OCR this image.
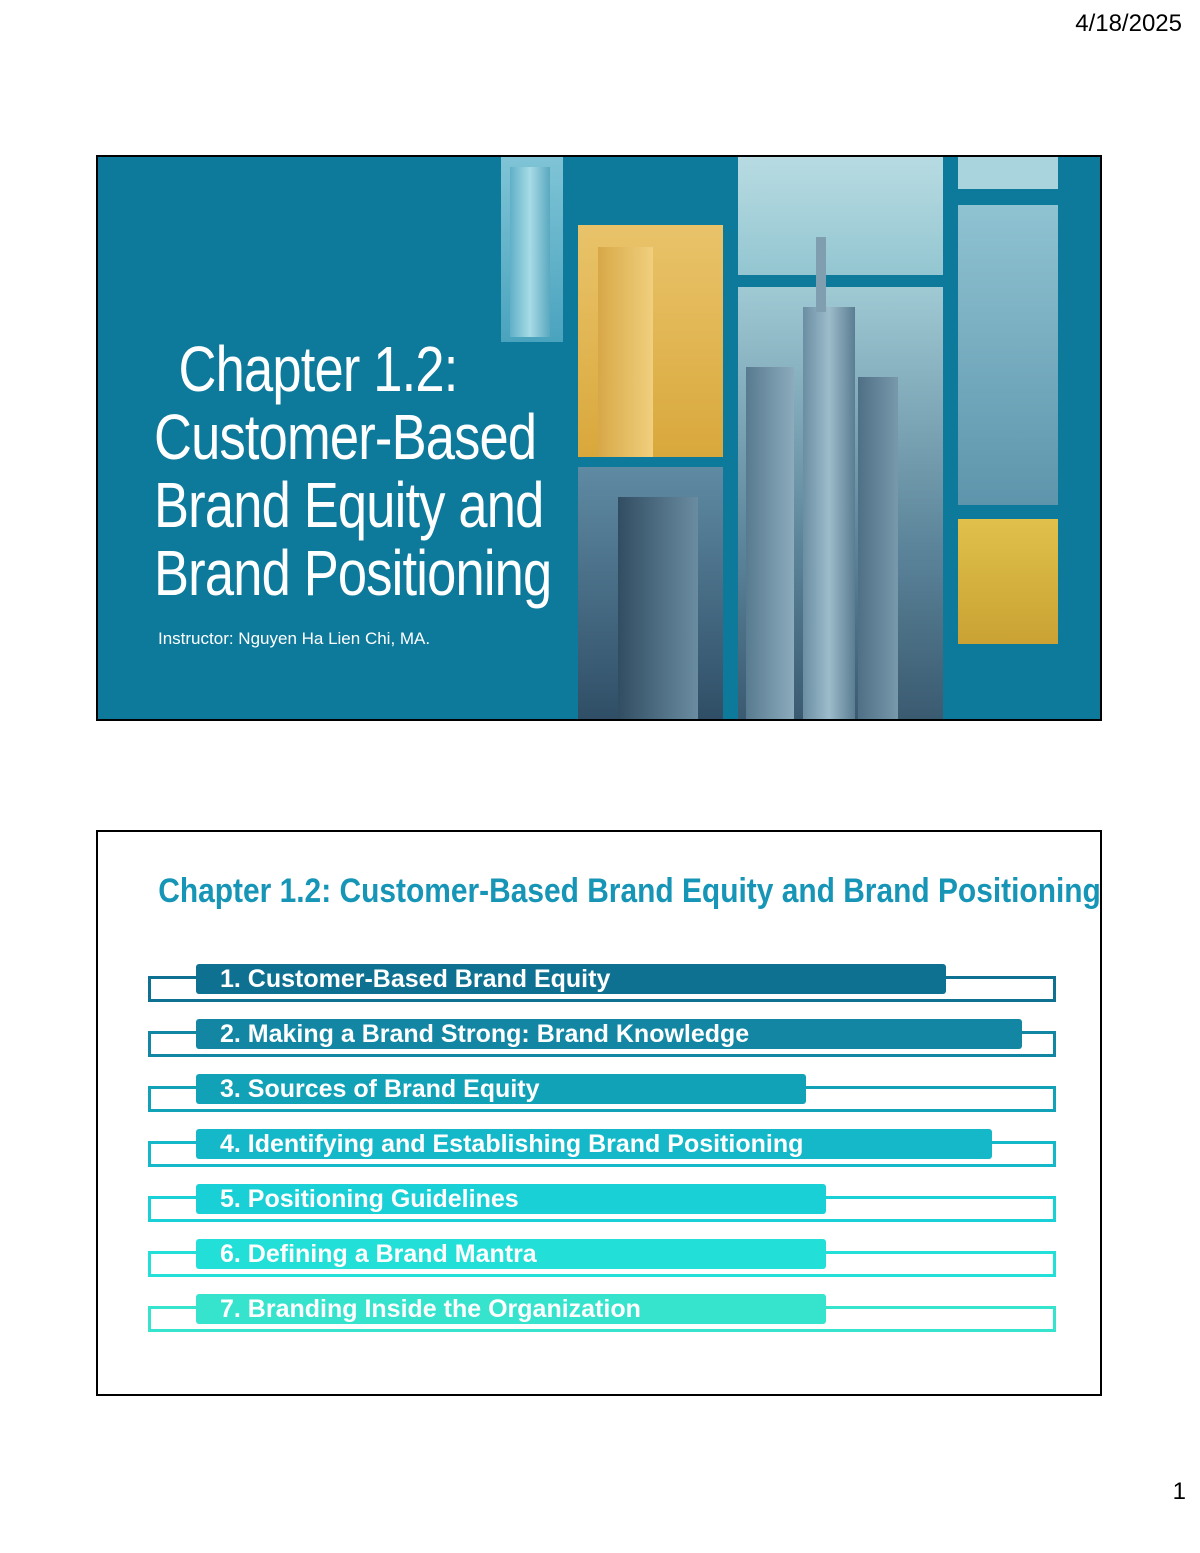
4/18/2025
Chapter 1.2:
Customer-Based
Brand Equity and
Brand Positioning
Instructor: Nguyen Ha Lien Chi, MA.
Chapter 1.2: Customer-Based Brand Equity and Brand Positioning
1. Customer-Based Brand Equity
2. Making a Brand Strong: Brand Knowledge
3. Sources of Brand Equity
4. Identifying and Establishing Brand Positioning
5. Positioning Guidelines
6. Defining a Brand Mantra
7. Branding Inside the Organization
1
